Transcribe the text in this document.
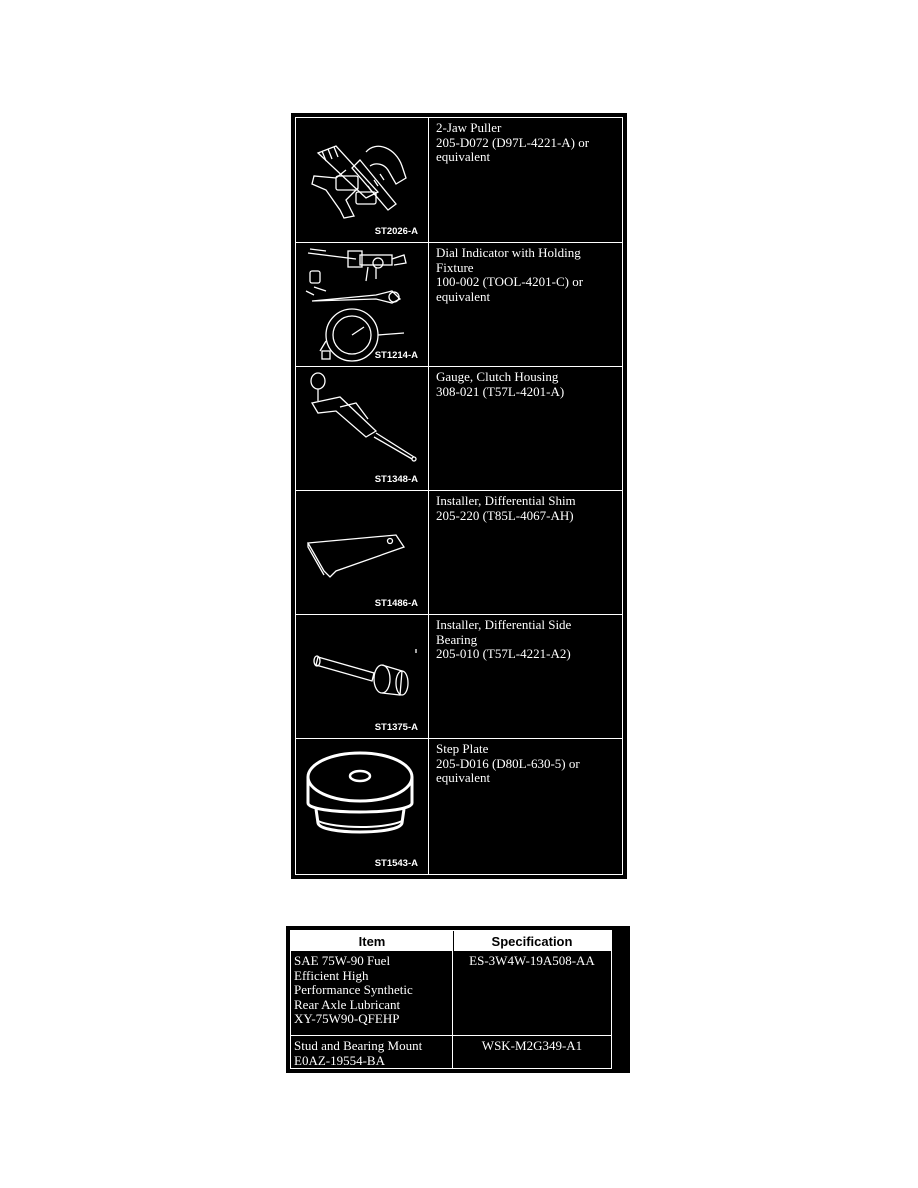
ST2026-A
2-Jaw Puller
205-D072 (D97L-4221-A) or
equivalent
ST1214-A
Dial Indicator with Holding
Fixture
100-002 (TOOL-4201-C) or
equivalent
ST1348-A
Gauge, Clutch Housing
308-021 (T57L-4201-A)
ST1486-A
Installer, Differential Shim
205-220 (T85L-4067-AH)
ST1375-A
Installer, Differential Side
Bearing
205-010 (T57L-4221-A2)
ST1543-A
Step Plate
205-D016 (D80L-630-5) or
equivalent
Item	Specification
SAE 75W-90 Fuel
Efficient High
Performance Synthetic
Rear Axle Lubricant
XY-75W90-QFEHP
ES-3W4W-19A508-AA
Stud and Bearing Mount
E0AZ-19554-BA
WSK-M2G349-A1
